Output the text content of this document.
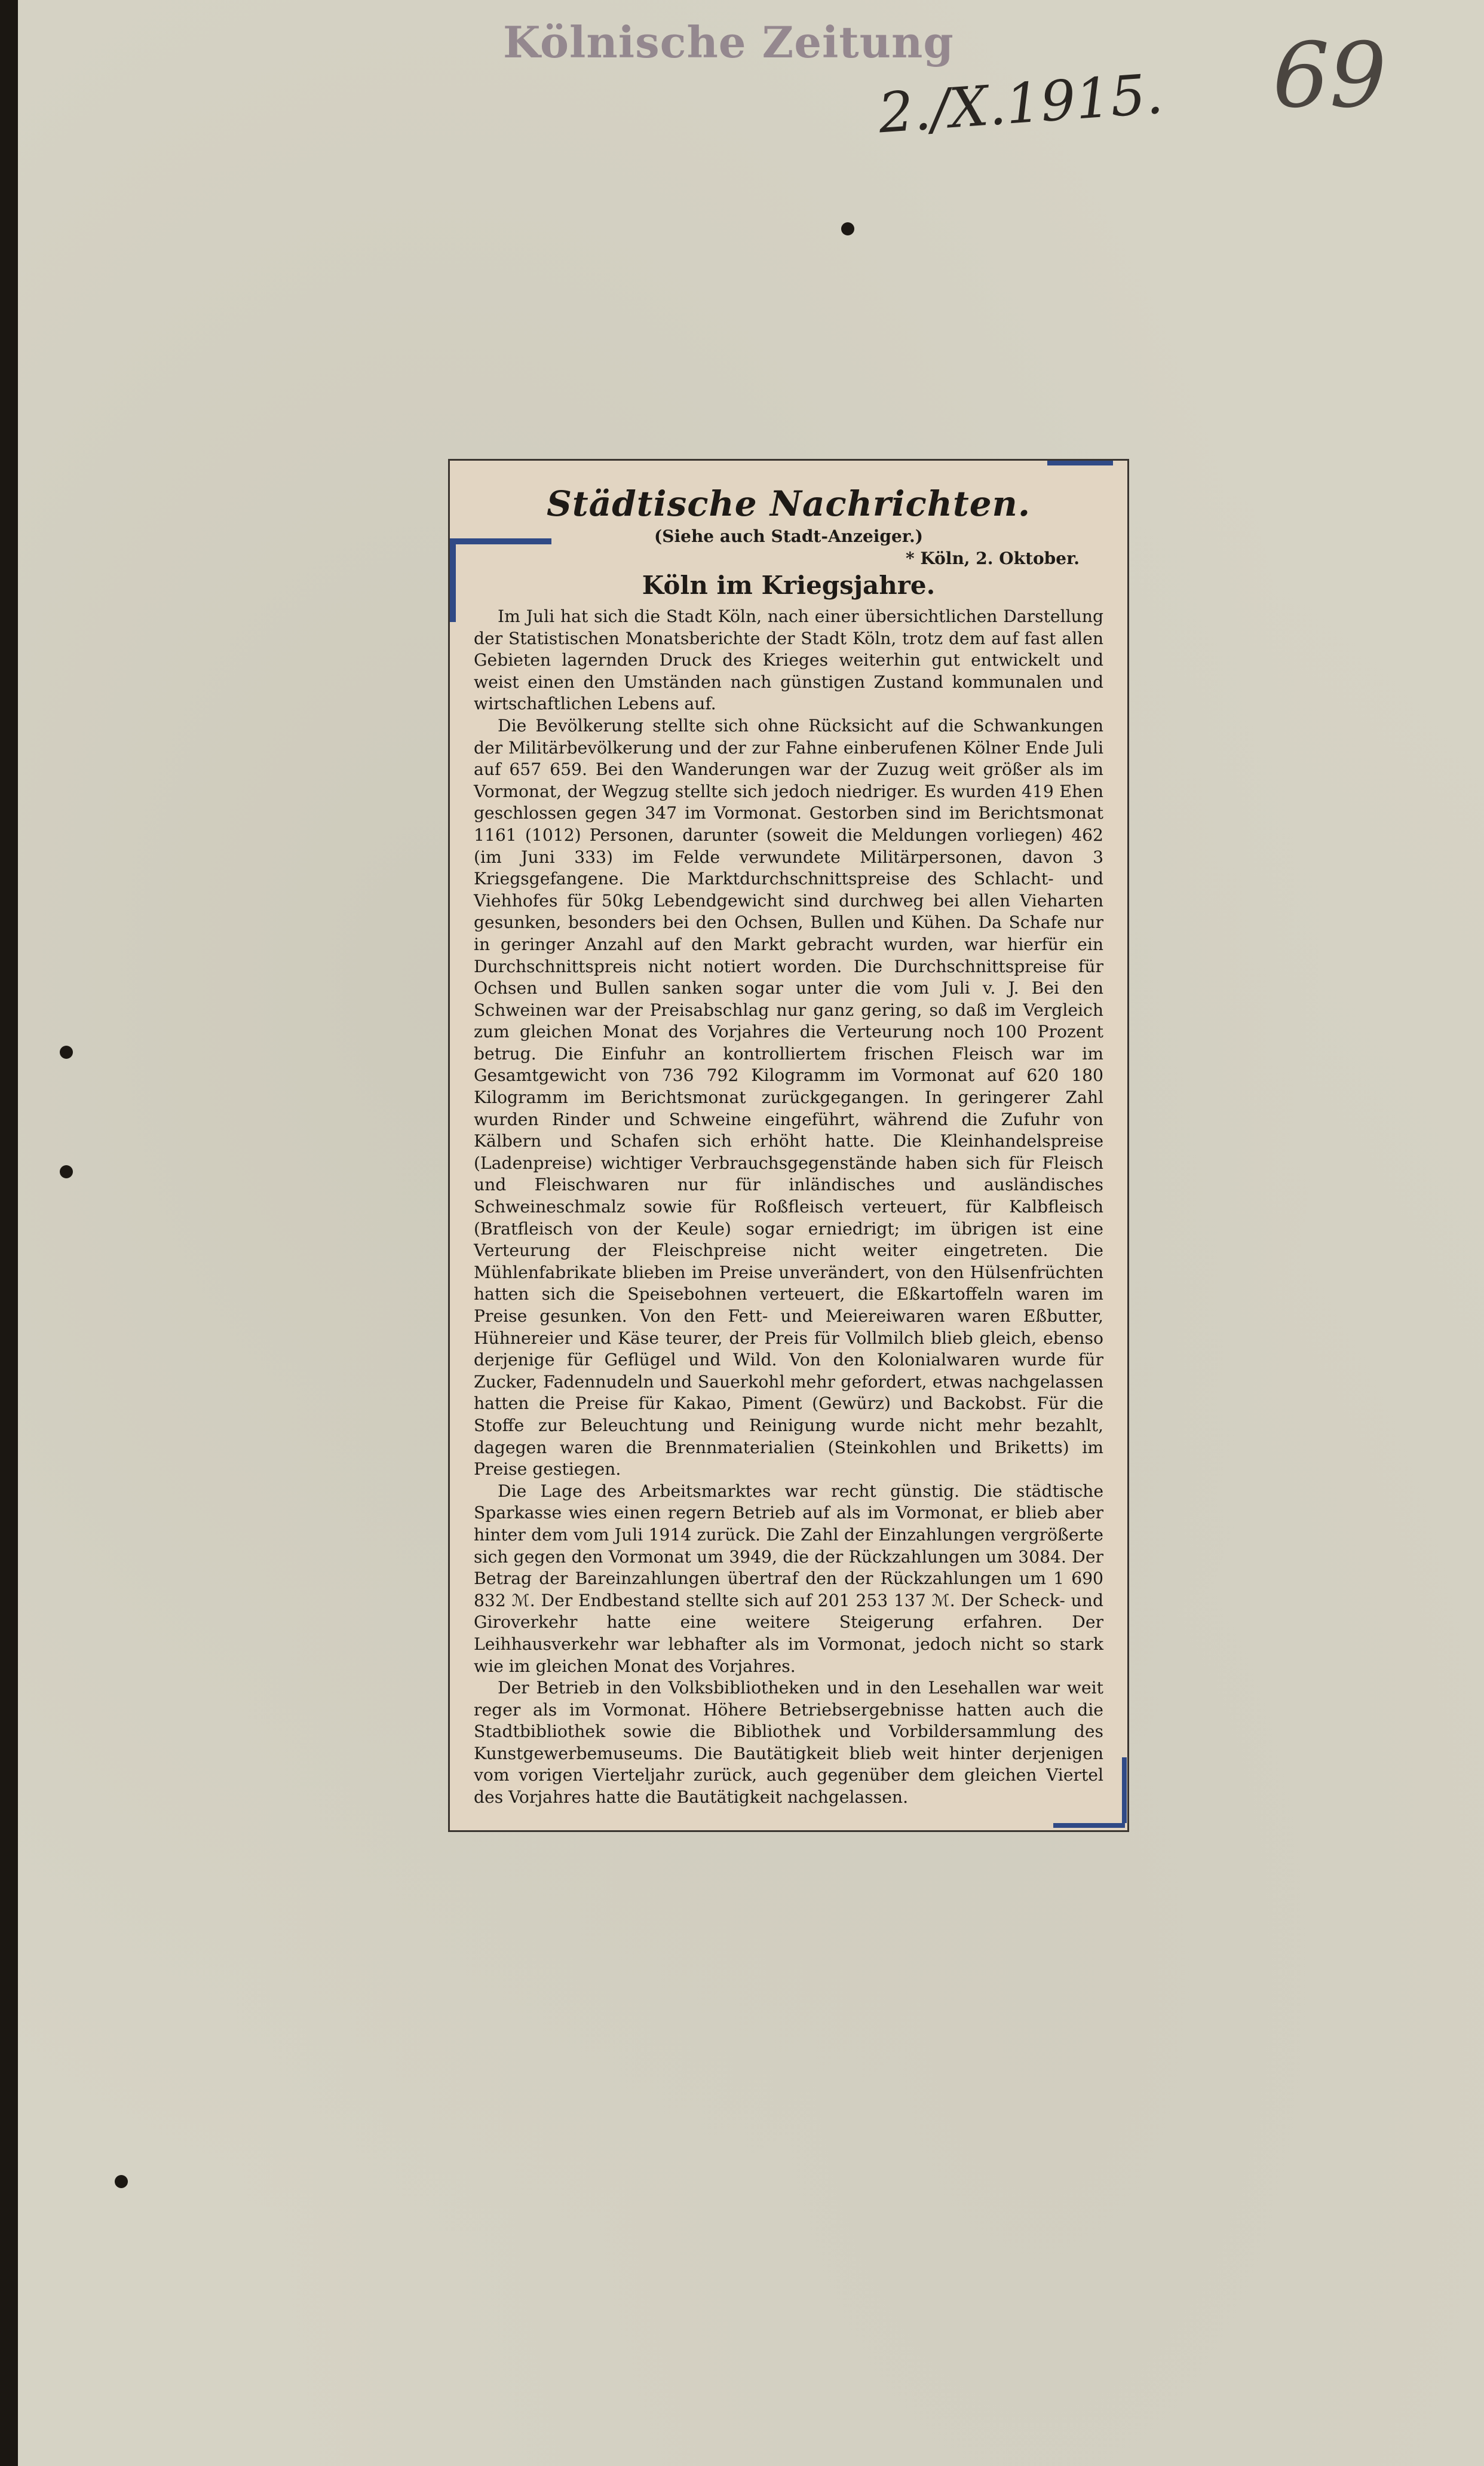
Kölnische Zeitung
2./X.1915. 69
Städtische Nachrichten.
(Siehe auch Stadt-Anzeiger.)
* Köln, 2. Oktober.
Köln im Kriegsjahre.

Im Juli hat sich die Stadt Köln, nach einer übersichtlichen Darstellung der Statistischen Monatsberichte der Stadt Köln, trotz dem auf fast allen Gebieten lagernden Druck des Krieges weiterhin gut entwickelt und weist einen den Umständen nach günstigen Zustand kommunalen und wirtschaftlichen Lebens auf.

Die Bevölkerung stellte sich ohne Rücksicht auf die Schwankungen der Militärbevölkerung und der zur Fahne einberufenen Kölner Ende Juli auf 657 659. Bei den Wanderungen war der Zuzug weit größer als im Vormonat, der Wegzug stellte sich jedoch niedriger. Es wurden 419 Ehen geschlossen gegen 347 im Vormonat. Gestorben sind im Berichtsmonat 1161 (1012) Personen, darunter (soweit die Meldungen vorliegen) 462 (im Juni 333) im Felde verwundete Militärpersonen, davon 3 Kriegsgefangene. Die Marktdurchschnittspreise des Schlacht- und Viehhofes für 50kg Lebendgewicht sind durchweg bei allen Vieharten gesunken, besonders bei den Ochsen, Bullen und Kühen. Da Schafe nur in geringer Anzahl auf den Markt gebracht wurden, war hierfür ein Durchschnittspreis nicht notiert worden. Die Durchschnittspreise für Ochsen und Bullen sanken sogar unter die vom Juli v. J. Bei den Schweinen war der Preisabschlag nur ganz gering, so daß im Vergleich zum gleichen Monat des Vorjahres die Verteurung noch 100 Prozent betrug. Die Einfuhr an kontrolliertem frischen Fleisch war im Gesamtgewicht von 736 792 Kilogramm im Vormonat auf 620 180 Kilogramm im Berichtsmonat zurückgegangen. In geringerer Zahl wurden Rinder und Schweine eingeführt, während die Zufuhr von Kälbern und Schafen sich erhöht hatte. Die Kleinhandelspreise (Ladenpreise) wichtiger Verbrauchsgegenstände haben sich für Fleisch und Fleischwaren nur für inländisches und ausländisches Schweineschmalz sowie für Roßfleisch verteuert, für Kalbfleisch (Bratfleisch von der Keule) sogar erniedrigt; im übrigen ist eine Verteurung der Fleischpreise nicht weiter eingetreten. Die Mühlenfabrikate blieben im Preise unverändert, von den Hülsenfrüchten hatten sich die Speisebohnen verteuert, die Eßkartoffeln waren im Preise gesunken. Von den Fett- und Meiereiwaren waren Eßbutter, Hühnereier und Käse teurer, der Preis für Vollmilch blieb gleich, ebenso derjenige für Geflügel und Wild. Von den Kolonialwaren wurde für Zucker, Fadennudeln und Sauerkohl mehr gefordert, etwas nachgelassen hatten die Preise für Kakao, Piment (Gewürz) und Backobst. Für die Stoffe zur Beleuchtung und Reinigung wurde nicht mehr bezahlt, dagegen waren die Brennmaterialien (Steinkohlen und Briketts) im Preise gestiegen.

Die Lage des Arbeitsmarktes war recht günstig. Die städtische Sparkasse wies einen regern Betrieb auf als im Vormonat, er blieb aber hinter dem vom Juli 1914 zurück. Die Zahl der Einzahlungen vergrößerte sich gegen den Vormonat um 3949, die der Rückzahlungen um 3084. Der Betrag der Bareinzahlungen übertraf den der Rückzahlungen um 1 690 832 ℳ. Der Endbestand stellte sich auf 201 253 137 ℳ. Der Scheck- und Giroverkehr hatte eine weitere Steigerung erfahren. Der Leihhausverkehr war lebhafter als im Vormonat, jedoch nicht so stark wie im gleichen Monat des Vorjahres.

Der Betrieb in den Volksbibliotheken und in den Lesehallen war weit reger als im Vormonat. Höhere Betriebsergebnisse hatten auch die Stadtbibliothek sowie die Bibliothek und Vorbildersammlung des Kunstgewerbemuseums. Die Bautätigkeit blieb weit hinter derjenigen vom vorigen Vierteljahr zurück, auch gegenüber dem gleichen Viertel des Vorjahres hatte die Bautätigkeit nachgelassen.
